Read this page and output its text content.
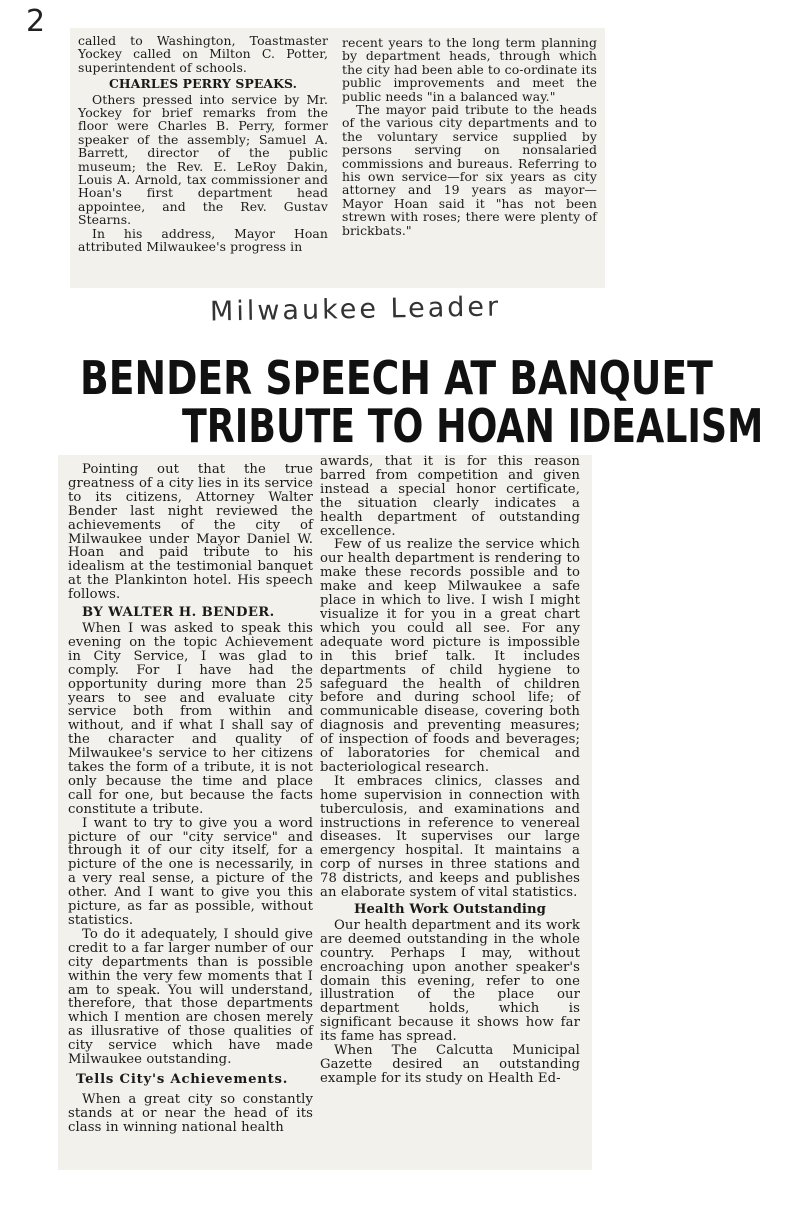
2

called to Washington, Toastmaster Yockey called on Milton C. Potter, superintendent of schools.

CHARLES PERRY SPEAKS.

Others pressed into service by Mr. Yockey for brief remarks from the floor were Charles B. Perry, former speaker of the assembly; Samuel A. Barrett, director of the public museum; the Rev. E. LeRoy Dakin, Louis A. Arnold, tax commissioner and Hoan's first department head appointee, and the Rev. Gustav Stearns.

In his address, Mayor Hoan attributed Milwaukee's progress in

recent years to the long term planning by department heads, through which the city had been able to co-ordinate its public improvements and meet the public needs "in a balanced way."

The mayor paid tribute to the heads of the various city departments and to the voluntary service supplied by persons serving on nonsalaried commissions and bureaus. Referring to his own service—for six years as city attorney and 19 years as mayor—Mayor Hoan said it "has not been strewn with roses; there were plenty of brickbats."

Milwaukee Leader
BENDER SPEECH AT BANQUET
TRIBUTE TO HOAN IDEALISM

Pointing out that the true greatness of a city lies in its service to its citizens, Attorney Walter Bender last night reviewed the achievements of the city of Milwaukee under Mayor Daniel W. Hoan and paid tribute to his idealism at the testimonial banquet at the Plankinton hotel. His speech follows.

BY WALTER H. BENDER.

When I was asked to speak this evening on the topic Achievement in City Service, I was glad to comply. For I have had the opportunity during more than 25 years to see and evaluate city service both from within and without, and if what I shall say of the character and quality of Milwaukee's service to her citizens takes the form of a tribute, it is not only because the time and place call for one, but because the facts constitute a tribute.

I want to try to give you a word picture of our "city service" and through it of our city itself, for a picture of the one is necessarily, in a very real sense, a picture of the other. And I want to give you this picture, as far as possible, without statistics.

To do it adequately, I should give credit to a far larger number of our city departments than is possible within the very few moments that I am to speak. You will understand, therefore, that those departments which I mention are chosen merely as illusrative of those qualities of city service which have made Milwaukee outstanding.

Tells City's Achievements.

When a great city so constantly stands at or near the head of its class in winning national health

awards, that it is for this reason barred from competition and given instead a special honor certificate, the situation clearly indicates a health department of outstanding excellence.

Few of us realize the service which our health department is rendering to make these records possible and to make and keep Milwaukee a safe place in which to live. I wish I might visualize it for you in a great chart which you could all see. For any adequate word picture is impossible in this brief talk. It includes departments of child hygiene to safeguard the health of children before and during school life; of communicable disease, covering both diagnosis and preventing measures; of inspection of foods and beverages; of laboratories for chemical and bacteriological research.

It embraces clinics, classes and home supervision in connection with tuberculosis, and examinations and instructions in reference to venereal diseases. It supervises our large emergency hospital. It maintains a corp of nurses in three stations and 78 districts, and keeps and publishes an elaborate system of vital statistics.

Health Work Outstanding

Our health department and its work are deemed outstanding in the whole country. Perhaps I may, without encroaching upon another speaker's domain this evening, refer to one illustration of the place our department holds, which is significant because it shows how far its fame has spread.

When The Calcutta Municipal Gazette desired an outstanding example for its study on Health Ed-
